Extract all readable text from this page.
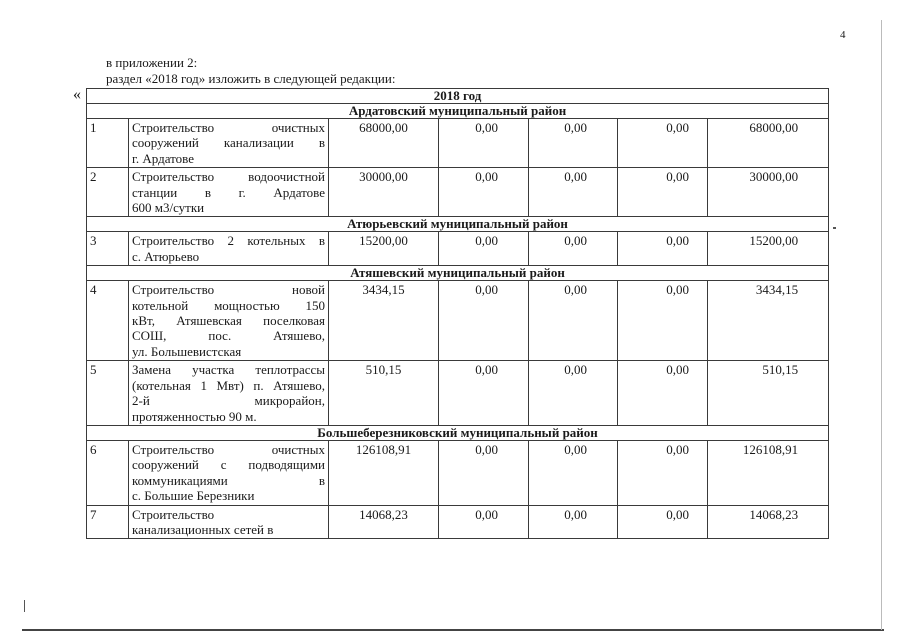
4
в приложении 2:
раздел «2018 год» изложить в следующей редакции:
«	2018 год						
Ардатовский муниципальный район						
1	Строительство очистных
сооружений канализации в
г. Ардатове	68000,00	0,00	0,00	0,00	68000,00
2	Строительство водоочистной
станции в г. Ардатове
600 м3/сутки	30000,00	0,00	0,00	0,00	30000,00
Атюрьевский муниципальный район						
3	Строительство 2 котельных в
с. Атюрьево	15200,00	0,00	0,00	0,00	15200,00
Атяшевский муниципальный район						
4	Строительство новой
котельной мощностью 150
кВт, Атяшевская поселковая
СОШ, пос. Атяшево,
ул. Большевистская	3434,15	0,00	0,00	0,00	3434,15
5	Замена участка теплотрассы
(котельная 1 Мвт) п. Атяшево,
2-й микрорайон,
протяженностью 90 м.	510,15	0,00	0,00	0,00	510,15
Большеберезниковский муниципальный район						
6	Строительство очистных
сооружений с подводящими
коммуникациями в
с. Большие Березники	126108,91	0,00	0,00	0,00	126108,91
7	Строительство
канализационных сетей в	14068,23	0,00	0,00	0,00	14068,23
